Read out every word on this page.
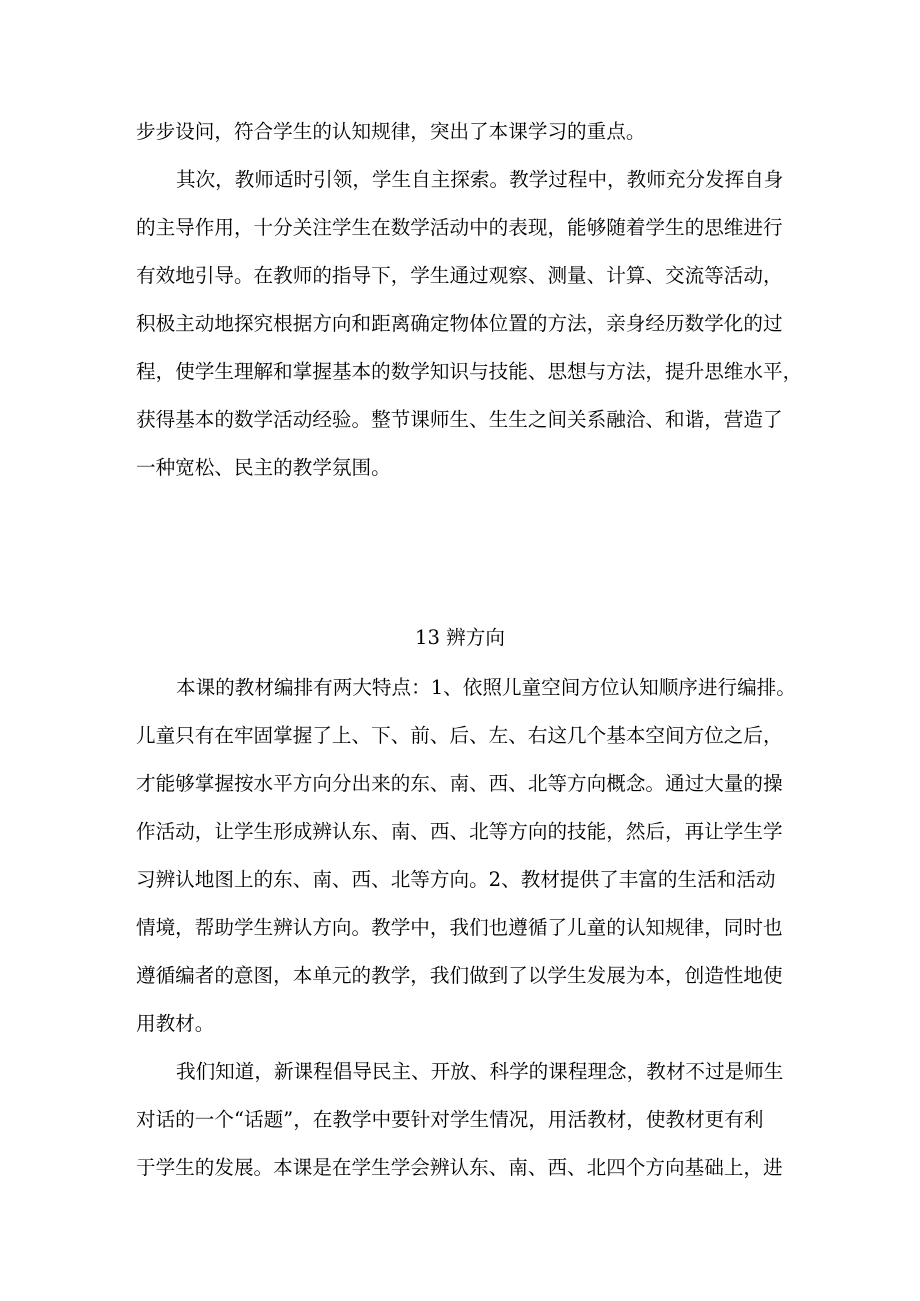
步步设问，符合学生的认知规律，突出了本课学习的重点。
其次，教师适时引领，学生自主探索。教学过程中，教师充分发挥自身
的主导作用，十分关注学生在数学活动中的表现，能够随着学生的思维进行
有效地引导。在教师的指导下，学生通过观察、测量、计算、交流等活动，
积极主动地探究根据方向和距离确定物体位置的方法，亲身经历数学化的过
程，使学生理解和掌握基本的数学知识与技能、思想与方法，提升思维水平，
获得基本的数学活动经验。整节课师生、生生之间关系融洽、和谐，营造了
一种宽松、民主的教学氛围。
13 辨方向
本课的教材编排有两大特点：1、依照儿童空间方位认知顺序进行编排。
儿童只有在牢固掌握了上、下、前、后、左、右这几个基本空间方位之后，
才能够掌握按水平方向分出来的东、南、西、北等方向概念。通过大量的操
作活动，让学生形成辨认东、南、西、北等方向的技能，然后，再让学生学
习辨认地图上的东、南、西、北等方向。2、教材提供了丰富的生活和活动
情境，帮助学生辨认方向。教学中，我们也遵循了儿童的认知规律，同时也
遵循编者的意图，本单元的教学，我们做到了以学生发展为本，创造性地使
用教材。
我们知道，新课程倡导民主、开放、科学的课程理念，教材不过是师生
对话的一个“话题”，在教学中要针对学生情况，用活教材，使教材更有利
于学生的发展。本课是在学生学会辨认东、南、西、北四个方向基础上，进
